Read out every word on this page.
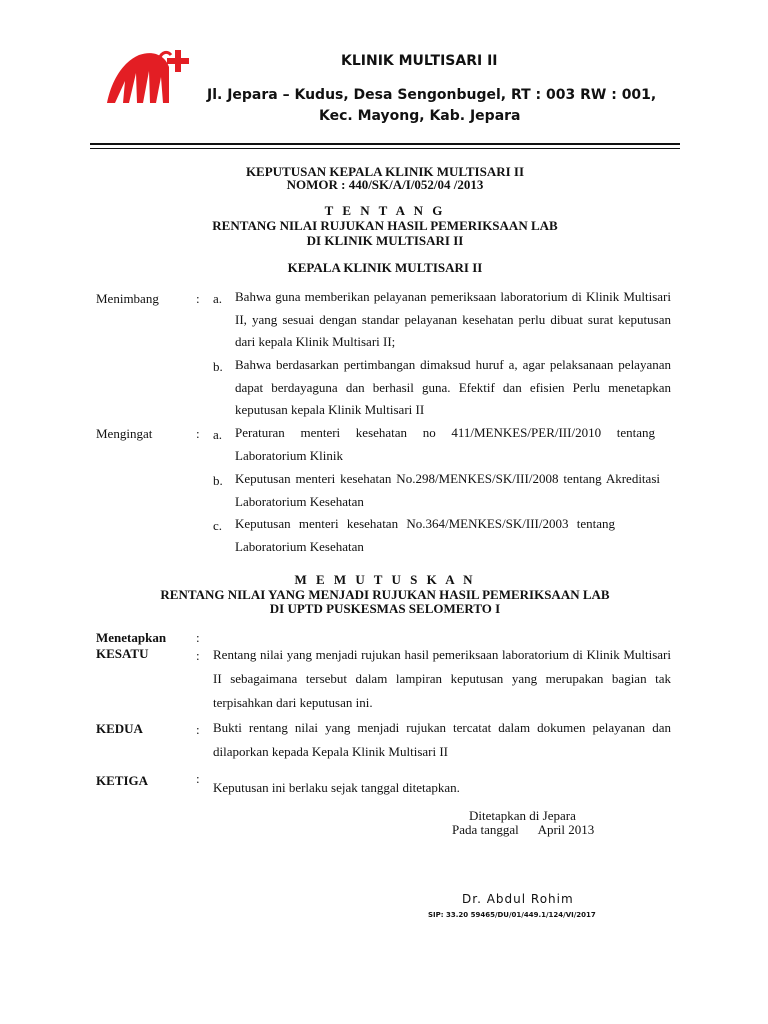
KLINIK MULTISARI II
Jl. Jepara – Kudus, Desa Sengonbugel, RT : 003 RW : 001,
Kec. Mayong, Kab. Jepara
KEPUTUSAN KEPALA KLINIK MULTISARI II
NOMOR : 440/SK/A/I/052/04 /2013
T E N T A N G
RENTANG NILAI RUJUKAN HASIL PEMERIKSAAN LAB
DI KLINIK MULTISARI II
KEPALA KLINIK MULTISARI II
Menimbang	: a. Bahwa guna memberikan pelayanan pemeriksaan laboratorium di Klinik Multisari II, yang sesuai dengan standar pelayanan kesehatan perlu dibuat surat keputusan dari kepala Klinik Multisari II;
b. Bahwa berdasarkan pertimbangan dimaksud huruf a, agar pelaksanaan pelayanan dapat berdayaguna dan berhasil guna. Efektif dan efisien Perlu menetapkan keputusan kepala Klinik Multisari II
Mengingat	: a. Peraturan menteri kesehatan no 411/MENKES/PER/III/2010 tentang Laboratorium Klinik
b. Keputusan menteri kesehatan No.298/MENKES/SK/III/2008 tentang Akreditasi Laboratorium Kesehatan
c. Keputusan menteri kesehatan No.364/MENKES/SK/III/2003 tentang Laboratorium Kesehatan
M E M U T U S K A N
RENTANG NILAI YANG MENJADI RUJUKAN HASIL PEMERIKSAAN LAB
DI UPTD PUSKESMAS SELOMERTO I
Menetapkan :
KESATU	: Rentang nilai yang menjadi rujukan hasil pemeriksaan laboratorium di Klinik Multisari II sebagaimana tersebut dalam lampiran keputusan yang merupakan bagian tak terpisahkan dari keputusan ini.
KEDUA	: Bukti rentang nilai yang menjadi rujukan tercatat dalam dokumen pelayanan dan dilaporkan kepada Kepala Klinik Multisari II
KETIGA	:
Keputusan ini berlaku sejak tanggal ditetapkan.
Ditetapkan di Jepara
Pada tanggal      April 2013
Dr. Abdul Rohim
SIP: 33.20 59465/DU/01/449.1/124/VI/2017
